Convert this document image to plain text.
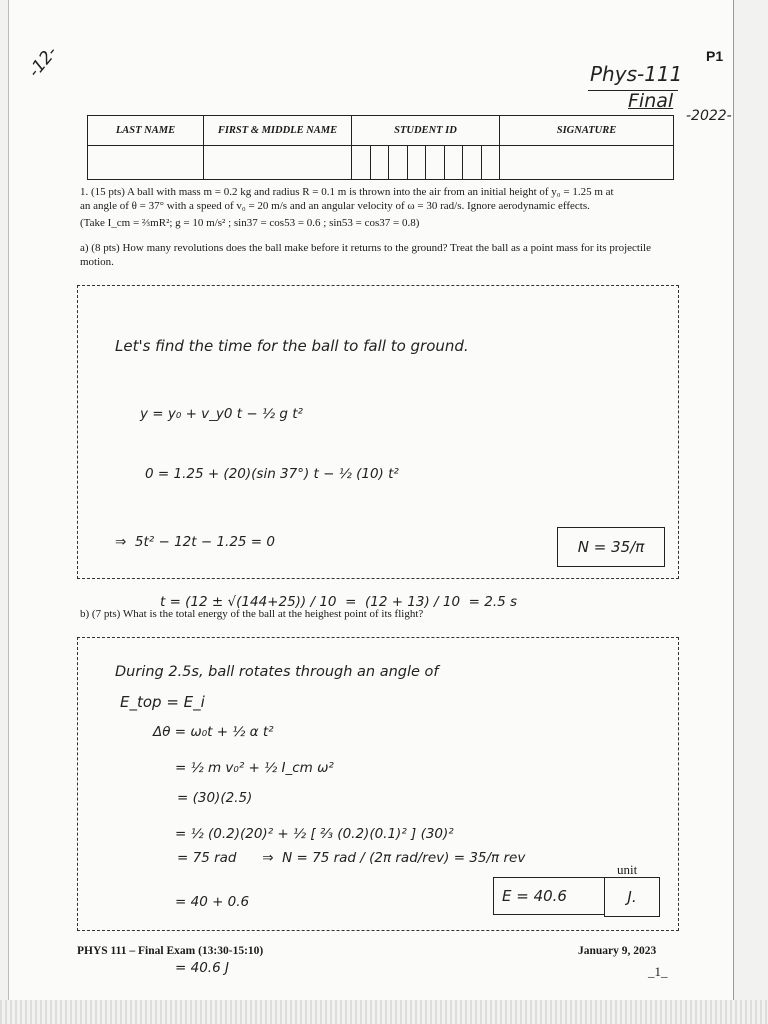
P1
-12-	Phys-111
Final
-2022-
LAST NAME	FIRST & MIDDLE NAME	STUDENT ID	SIGNATURE

1. (15 pts) A ball with mass m = 0.2 kg and radius R = 0.1 m is thrown into the air from an initial height of y₀ = 1.25 m at
an angle of θ = 37° with a speed of v₀ = 20 m/s and an angular velocity of ω = 30 rad/s. Ignore aerodynamic effects.
(Take I_cm = ⅔mR²; g = 10 m/s² ; sin37 = cos53 = 0.6 ; sin53 = cos37 = 0.8)
a) (8 pts) How many revolutions does the ball make before it returns to the ground? Treat the ball as a point mass for its projectile motion.

Let's find the time for the ball to fall to ground.

y = y₀ + v_y0 t − ½ g t²

0 = 1.25 + (20)(sin 37°) t − ½ (10) t²

⇒  5t² − 12t − 1.25 = 0

t = (12 ± √(144+25)) / 10  =  (12 + 13) / 10  = 2.5 s

During 2.5s, ball rotates through an angle of

Δθ = ω₀t + ½ α t²

= (30)(2.5)

= 75 rad      ⇒  N = 75 rad / (2π rad/rev) = 35/π rev

N = 35/π
b) (7 pts) What is the total energy of the ball at the heighest point of its flight?

E_top = E_i

= ½ m v₀² + ½ I_cm ω²

= ½ (0.2)(20)² + ½ [ ⅔ (0.2)(0.1)² ] (30)²

= 40 + 0.6

= 40.6 J

unit
E = 40.6	J.
PHYS 111 – Final Exam (13:30-15:10)	January 9, 2023
_1_
